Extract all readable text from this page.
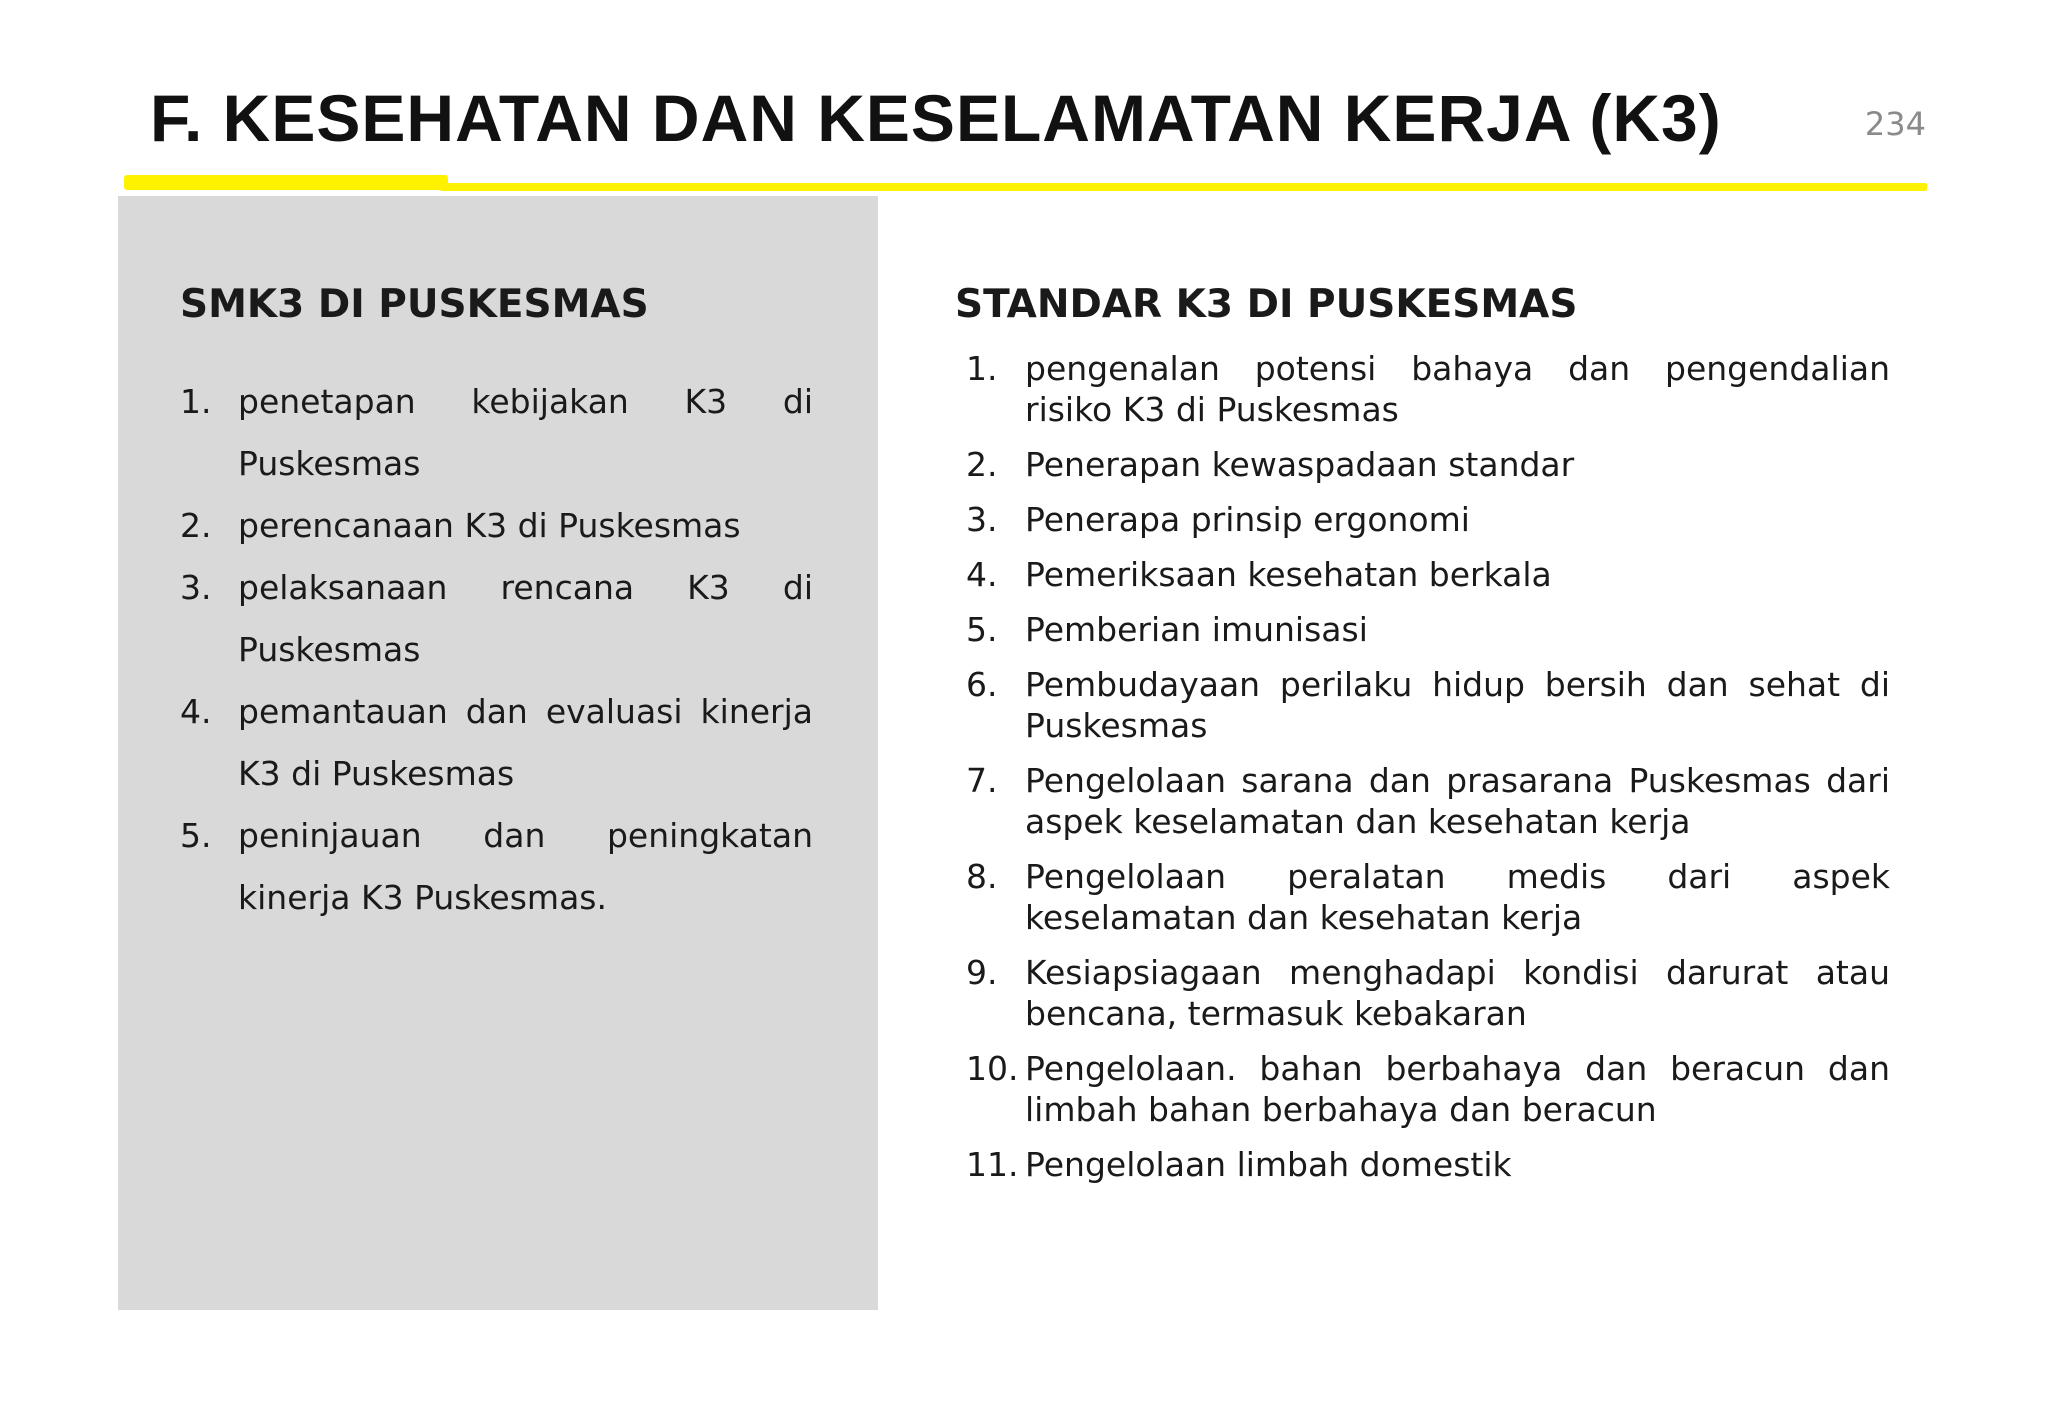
F. KESEHATAN DAN KESELAMATAN KERJA (K3)	234
SMK3 DI PUSKESMAS
1. penetapan kebijakan K3 di Puskesmas
2. perencanaan K3 di Puskesmas
3. pelaksanaan rencana K3 di Puskesmas
4. pemantauan dan evaluasi kinerja K3 di Puskesmas
5. peninjauan dan peningkatan kinerja K3 Puskesmas.
STANDAR K3 DI PUSKESMAS
1. pengenalan potensi bahaya dan pengendalian risiko K3 di Puskesmas
2. Penerapan kewaspadaan standar
3. Penerapa prinsip ergonomi
4. Pemeriksaan kesehatan berkala
5. Pemberian imunisasi
6. Pembudayaan perilaku hidup bersih dan sehat di Puskesmas
7. Pengelolaan sarana dan prasarana Puskesmas dari aspek keselamatan dan kesehatan kerja
8. Pengelolaan peralatan medis dari aspek keselamatan dan kesehatan kerja
9. Kesiapsiagaan menghadapi kondisi darurat atau bencana, termasuk kebakaran
10. Pengelolaan. bahan berbahaya dan beracun dan limbah bahan berbahaya dan beracun
11. Pengelolaan limbah domestik
